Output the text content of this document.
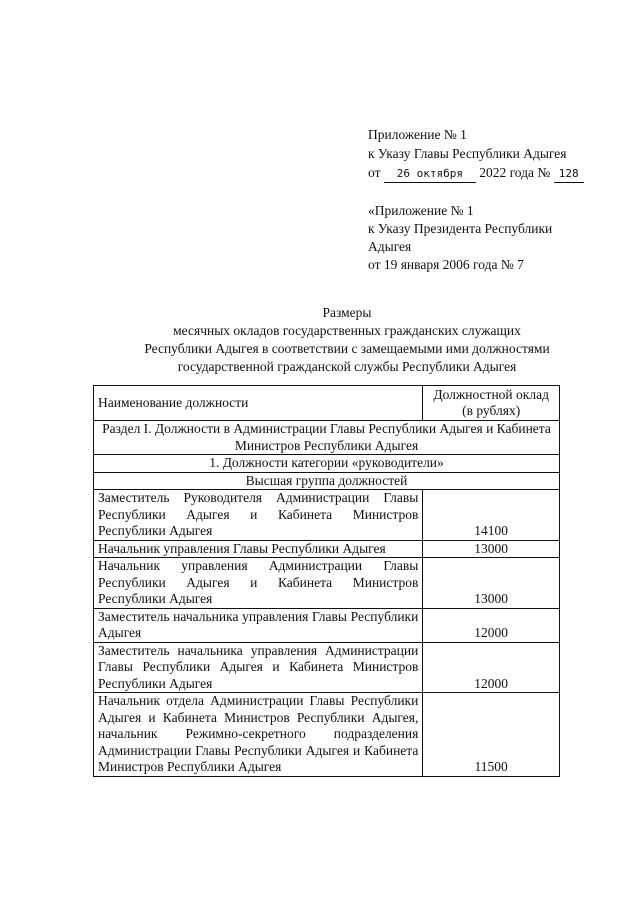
Приложение № 1
к Указу Главы Республики Адыгея
от 26 октября 2022 года № 128
«Приложение № 1
к Указу Президента Республики
Адыгея
от 19 января 2006 года № 7
Размеры
месячных окладов государственных гражданских служащих
Республики Адыгея в соответствии с замещаемыми ими должностями
государственной гражданской службы Республики Адыгея
Наименование должности	Должностной оклад (в рублях)
Раздел I. Должности в Администрации Главы Республики Адыгея и Кабинета Министров Республики Адыгея	
1. Должности категории «руководители»	
Высшая группа должностей	
Заместитель Руководителя Администрации Главы Республики Адыгея и Кабинета Министров Республики Адыгея	14100
Начальник управления Главы Республики Адыгея	13000
Начальник управления Администрации Главы Республики Адыгея и Кабинета Министров Республики Адыгея	13000
Заместитель начальника управления Главы Республики Адыгея	12000
Заместитель начальника управления Администрации Главы Республики Адыгея и Кабинета Министров Республики Адыгея	12000
Начальник отдела Администрации Главы Республики Адыгея и Кабинета Министров Республики Адыгея, начальник Режимно-секретного подразделения Администрации Главы Республики Адыгея и Кабинета Министров Республики Адыгея	11500
